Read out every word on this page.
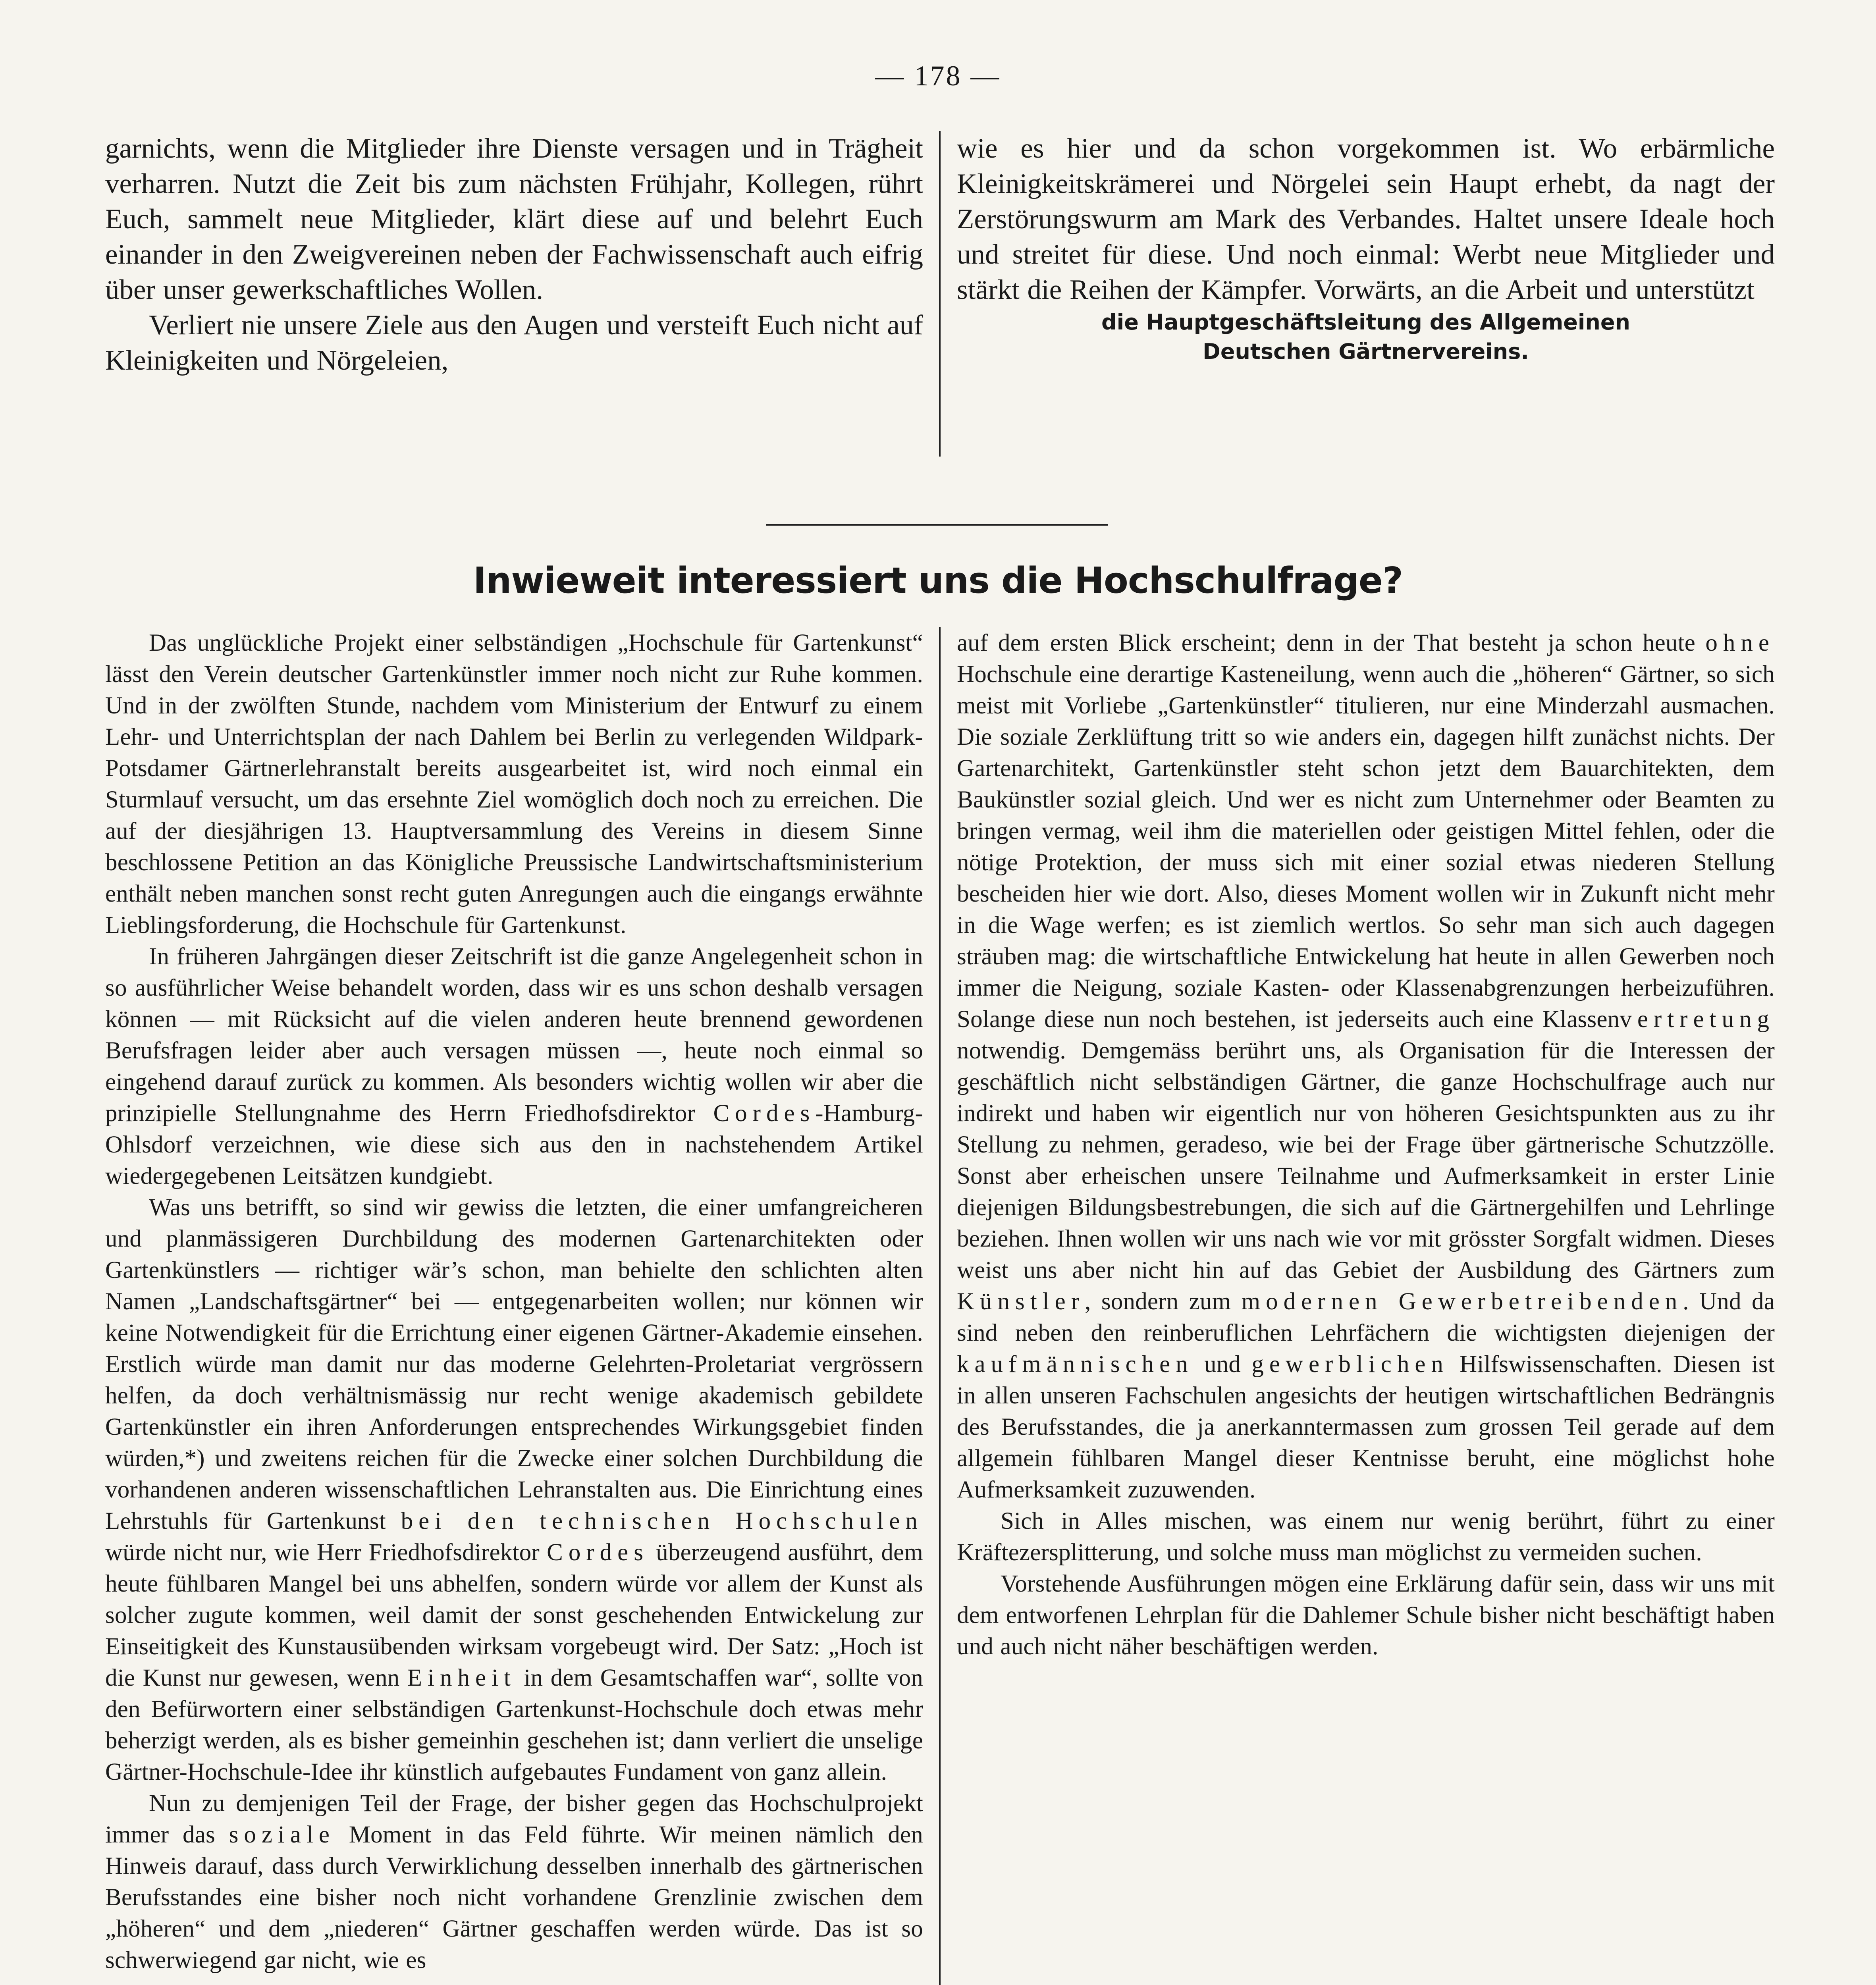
— 178 —

garnichts, wenn die Mitglieder ihre Dienste versagen und in Trägheit verharren. Nutzt die Zeit bis zum nächsten Frühjahr, Kollegen, rührt Euch, sammelt neue Mitglieder, klärt diese auf und belehrt Euch einander in den Zweigvereinen neben der Fachwissenschaft auch eifrig über unser gewerkschaftliches Wollen.

Verliert nie unsere Ziele aus den Augen und versteift Euch nicht auf Kleinigkeiten und Nörgeleien,

wie es hier und da schon vorgekommen ist. Wo erbärmliche Kleinigkeitskrämerei und Nörgelei sein Haupt erhebt, da nagt der Zerstörungswurm am Mark des Verbandes. Haltet unsere Ideale hoch und streitet für diese. Und noch einmal: Werbt neue Mitglieder und stärkt die Reihen der Kämpfer. Vorwärts, an die Arbeit und unterstützt

die Hauptgeschäftsleitung des Allgemeinen

Deutschen Gärtnervereins.

Inwieweit interessiert uns die Hochschulfrage?

Das unglückliche Projekt einer selbständigen „Hochschule für Gartenkunst“ lässt den Verein deutscher Gartenkünstler immer noch nicht zur Ruhe kommen. Und in der zwölften Stunde, nachdem vom Ministerium der Entwurf zu einem Lehr- und Unterrichtsplan der nach Dahlem bei Berlin zu verlegenden Wildpark-Potsdamer Gärtnerlehranstalt bereits ausgearbeitet ist, wird noch einmal ein Sturmlauf versucht, um das ersehnte Ziel womöglich doch noch zu erreichen. Die auf der diesjährigen 13. Hauptversammlung des Vereins in diesem Sinne beschlossene Petition an das Königliche Preussische Landwirtschaftsministerium enthält neben manchen sonst recht guten Anregungen auch die eingangs erwähnte Lieblingsforderung, die Hochschule für Gartenkunst.

In früheren Jahrgängen dieser Zeitschrift ist die ganze Angelegenheit schon in so ausführlicher Weise behandelt worden, dass wir es uns schon deshalb versagen können — mit Rücksicht auf die vielen anderen heute brennend gewordenen Berufsfragen leider aber auch versagen müssen —, heute noch einmal so eingehend darauf zurück zu kommen. Als besonders wichtig wollen wir aber die prinzipielle Stellungnahme des Herrn Friedhofsdirektor Cordes-Hamburg-Ohlsdorf verzeichnen, wie diese sich aus den in nachstehendem Artikel wiedergegebenen Leitsätzen kundgiebt.

Was uns betrifft, so sind wir gewiss die letzten, die einer umfangreicheren und planmässigeren Durchbildung des modernen Gartenarchitekten oder Gartenkünstlers — richtiger wär’s schon, man behielte den schlichten alten Namen „Landschaftsgärtner“ bei — entgegenarbeiten wollen; nur können wir keine Notwendigkeit für die Errichtung einer eigenen Gärtner-Akademie einsehen. Erstlich würde man damit nur das moderne Gelehrten-Proletariat vergrössern helfen, da doch verhältnismässig nur recht wenige akademisch gebildete Gartenkünstler ein ihren Anforderungen entsprechendes Wirkungsgebiet finden würden,*) und zweitens reichen für die Zwecke einer solchen Durchbildung die vorhandenen anderen wissenschaftlichen Lehranstalten aus. Die Einrichtung eines Lehrstuhls für Gartenkunst bei den technischen Hochschulen würde nicht nur, wie Herr Friedhofsdirektor Cordes überzeugend ausführt, dem heute fühlbaren Mangel bei uns abhelfen, sondern würde vor allem der Kunst als solcher zugute kommen, weil damit der sonst geschehenden Entwickelung zur Einseitigkeit des Kunstausübenden wirksam vorgebeugt wird. Der Satz: „Hoch ist die Kunst nur gewesen, wenn Einheit in dem Gesamtschaffen war“, sollte von den Befürwortern einer selbständigen Gartenkunst-Hochschule doch etwas mehr beherzigt werden, als es bisher gemeinhin geschehen ist; dann verliert die unselige Gärtner-Hochschule-Idee ihr künstlich aufgebautes Fundament von ganz allein.

Nun zu demjenigen Teil der Frage, der bisher gegen das Hochschulprojekt immer das soziale Moment in das Feld führte. Wir meinen nämlich den Hinweis darauf, dass durch Verwirklichung desselben innerhalb des gärtnerischen Berufsstandes eine bisher noch nicht vorhandene Grenzlinie zwischen dem „höheren“ und dem „niederen“ Gärtner geschaffen werden würde. Das ist so schwerwiegend gar nicht, wie es

auf dem ersten Blick erscheint; denn in der That besteht ja schon heute ohne Hochschule eine derartige Kasteneilung, wenn auch die „höheren“ Gärtner, so sich meist mit Vorliebe „Gartenkünstler“ titulieren, nur eine Minderzahl ausmachen. Die soziale Zerklüftung tritt so wie anders ein, dagegen hilft zunächst nichts. Der Gartenarchitekt, Gartenkünstler steht schon jetzt dem Bauarchitekten, dem Baukünstler sozial gleich. Und wer es nicht zum Unternehmer oder Beamten zu bringen vermag, weil ihm die materiellen oder geistigen Mittel fehlen, oder die nötige Protektion, der muss sich mit einer sozial etwas niederen Stellung bescheiden hier wie dort. Also, dieses Moment wollen wir in Zukunft nicht mehr in die Wage werfen; es ist ziemlich wertlos. So sehr man sich auch dagegen sträuben mag: die wirtschaftliche Entwickelung hat heute in allen Gewerben noch immer die Neigung, soziale Kasten- oder Klassenabgrenzungen herbeizuführen. Solange diese nun noch bestehen, ist jederseits auch eine Klassenvertretung notwendig. Demgemäss berührt uns, als Organisation für die Interessen der geschäftlich nicht selbständigen Gärtner, die ganze Hochschulfrage auch nur indirekt und haben wir eigentlich nur von höheren Gesichtspunkten aus zu ihr Stellung zu nehmen, geradeso, wie bei der Frage über gärtnerische Schutzzölle. Sonst aber erheischen unsere Teilnahme und Aufmerksamkeit in erster Linie diejenigen Bildungsbestrebungen, die sich auf die Gärtnergehilfen und Lehrlinge beziehen. Ihnen wollen wir uns nach wie vor mit grösster Sorgfalt widmen. Dieses weist uns aber nicht hin auf das Gebiet der Ausbildung des Gärtners zum Künstler, sondern zum modernen Gewerbetreibenden. Und da sind neben den reinberuflichen Lehrfächern die wichtigsten diejenigen der kaufmännischen und gewerblichen Hilfswissenschaften. Diesen ist in allen unseren Fachschulen angesichts der heutigen wirtschaftlichen Bedrängnis des Berufsstandes, die ja anerkanntermassen zum grossen Teil gerade auf dem allgemein fühlbaren Mangel dieser Kentnisse beruht, eine möglichst hohe Aufmerksamkeit zuzuwenden.

Sich in Alles mischen, was einem nur wenig berührt, führt zu einer Kräftezersplitterung, und solche muss man möglichst zu vermeiden suchen.

Vorstehende Ausführungen mögen eine Erklärung dafür sein, dass wir uns mit dem entworfenen Lehrplan für die Dahlemer Schule bisher nicht beschäftigt haben und auch nicht näher beschäftigen werden.
